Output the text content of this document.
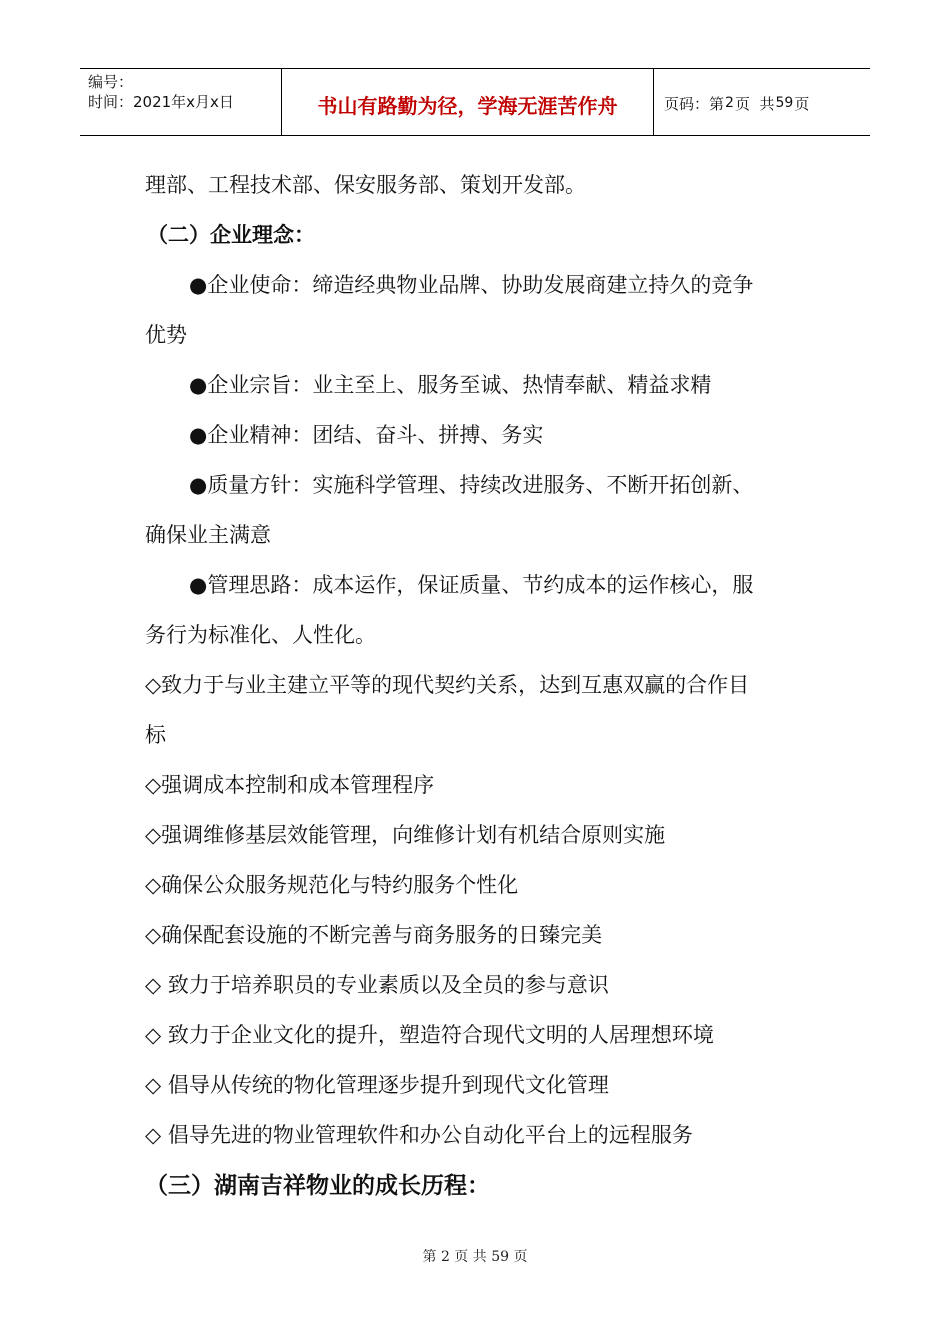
编号：
时间：2021年x月x日	书山有路勤为径，学海无涯苦作舟	页码：第 2 页  共 59 页
理部、工程技术部、保安服务部、策划开发部。
（二）企业理念：
●企业使命：缔造经典物业品牌、协助发展商建立持久的竞争
优势
●企业宗旨：业主至上、服务至诚、热情奉献、精益求精
●企业精神：团结、奋斗、拼搏、务实
●质量方针：实施科学管理、持续改进服务、不断开拓创新、
确保业主满意
●管理思路：成本运作，保证质量、节约成本的运作核心，服
务行为标准化、人性化。
◇致力于与业主建立平等的现代契约关系，达到互惠双赢的合作目
标
◇强调成本控制和成本管理程序
◇强调维修基层效能管理，向维修计划有机结合原则实施
◇确保公众服务规范化与特约服务个性化
◇确保配套设施的不断完善与商务服务的日臻完美
◇ 致力于培养职员的专业素质以及全员的参与意识
◇ 致力于企业文化的提升，塑造符合现代文明的人居理想环境
◇ 倡导从传统的物化管理逐步提升到现代文化管理
◇ 倡导先进的物业管理软件和办公自动化平台上的远程服务
（三）湖南吉祥物业的成长历程：
第 2 页 共 59 页
